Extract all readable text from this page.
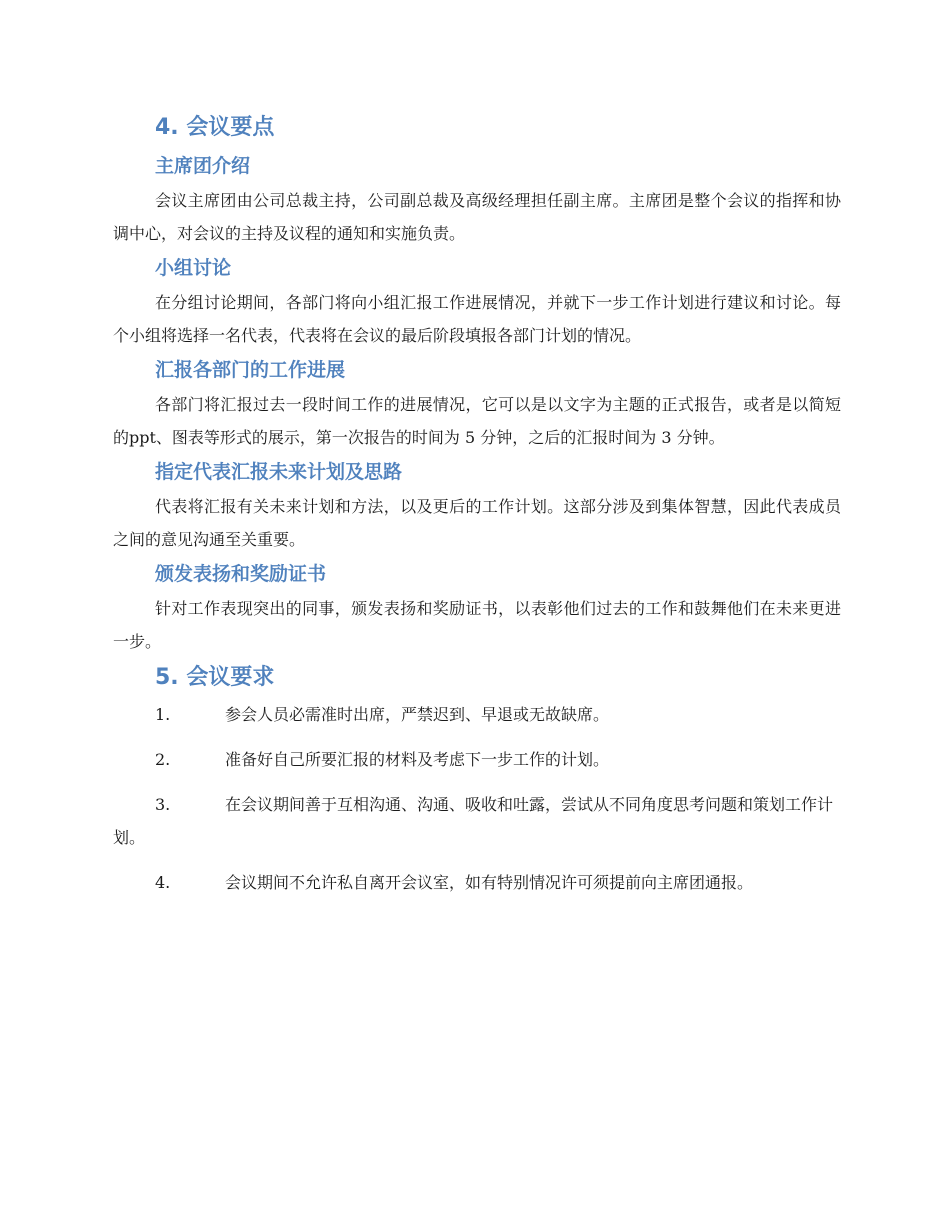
4. 会议要点
主席团介绍

会议主席团由公司总裁主持，公司副总裁及高级经理担任副主席。主席团是整个会议的指挥和协调中心，对会议的主持及议程的通知和实施负责。

小组讨论

在分组讨论期间，各部门将向小组汇报工作进展情况，并就下一步工作计划进行建议和讨论。每个小组将选择一名代表，代表将在会议的最后阶段填报各部门计划的情况。

汇报各部门的工作进展

各部门将汇报过去一段时间工作的进展情况，它可以是以文字为主题的正式报告，或者是以简短的ppt、图表等形式的展示，第一次报告的时间为 5 分钟，之后的汇报时间为 3 分钟。

指定代表汇报未来计划及思路

代表将汇报有关未来计划和方法，以及更后的工作计划。这部分涉及到集体智慧，因此代表成员之间的意见沟通至关重要。

颁发表扬和奖励证书

针对工作表现突出的同事，颁发表扬和奖励证书，以表彰他们过去的工作和鼓舞他们在未来更进一步。

5. 会议要求
1.	参会人员必需准时出席，严禁迟到、早退或无故缺席。
2.	准备好自己所要汇报的材料及考虑下一步工作的计划。
3.	在会议期间善于互相沟通、沟通、吸收和吐露，尝试从不同角度思考问题和策划工作计划。
4.	会议期间不允许私自离开会议室，如有特别情况许可须提前向主席团通报。
